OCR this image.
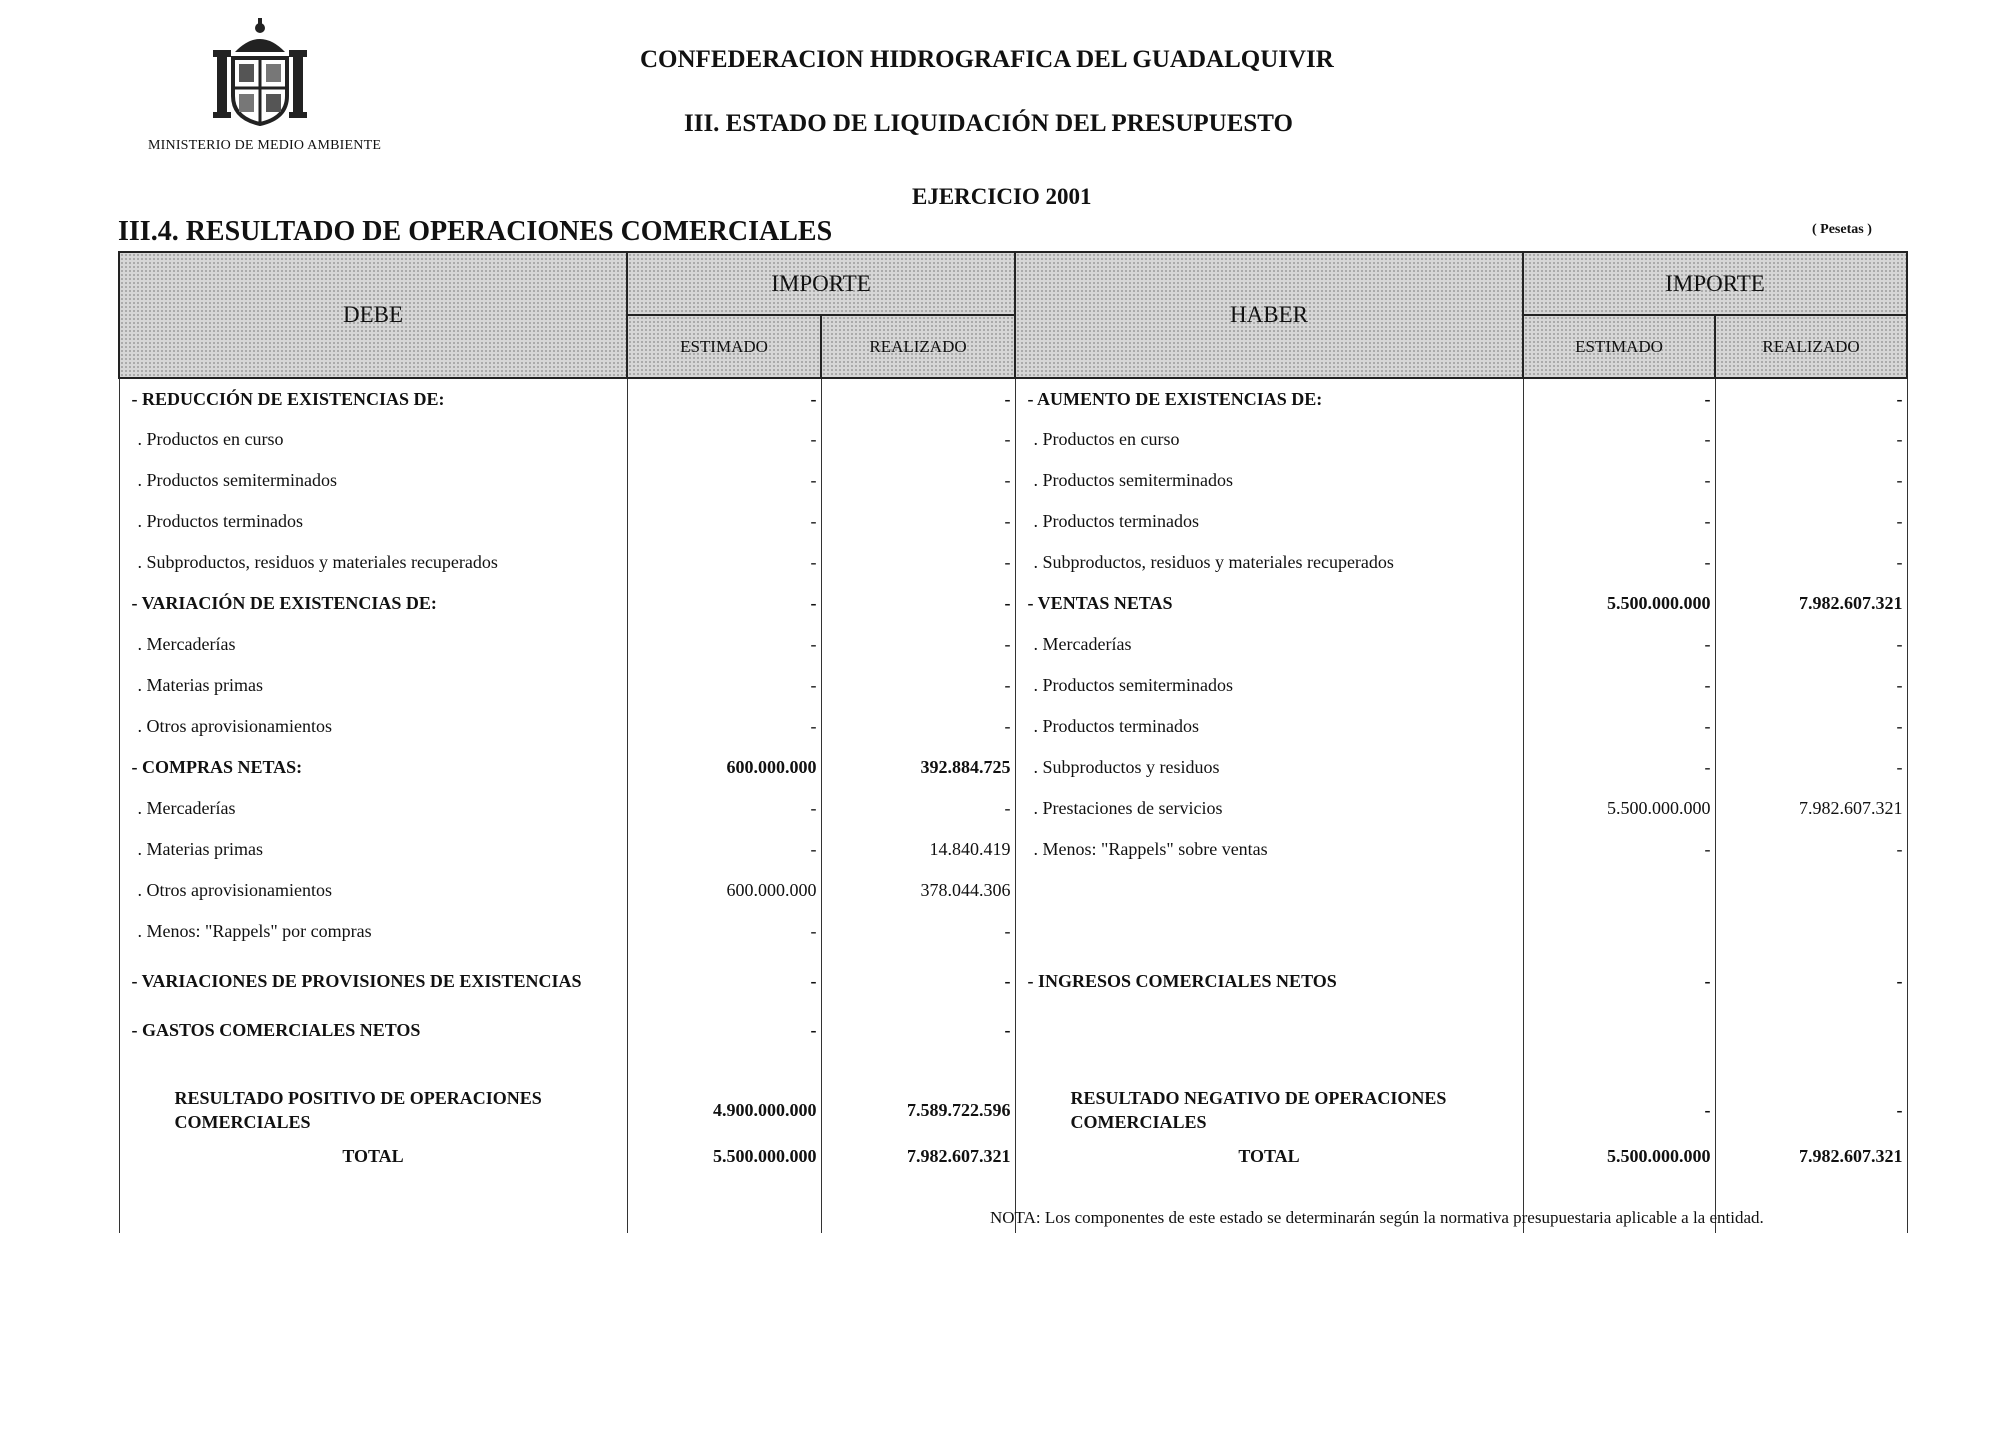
MINISTERIO DE MEDIO AMBIENTE
CONFEDERACION HIDROGRAFICA DEL GUADALQUIVIR
III. ESTADO DE LIQUIDACIÓN DEL PRESUPUESTO
EJERCICIO 2001
III.4. RESULTADO DE OPERACIONES COMERCIALES	( Pesetas )
DEBE	IMPORTE		HABER	IMPORTE	
	ESTIMADO	REALIZADO		ESTIMADO	REALIZADO
- REDUCCIÓN DE EXISTENCIAS DE:	-	-	- AUMENTO DE EXISTENCIAS DE:	-	-
. Productos en curso	-	-	. Productos en curso	-	-
. Productos semiterminados	-	-	. Productos semiterminados	-	-
. Productos terminados	-	-	. Productos terminados	-	-
. Subproductos, residuos y materiales recuperados	-	-	. Subproductos, residuos y materiales recuperados	-	-
- VARIACIÓN DE EXISTENCIAS DE:	-	-	- VENTAS NETAS	5.500.000.000	7.982.607.321
. Mercaderías	-	-	. Mercaderías	-	-
. Materias primas	-	-	. Productos semiterminados	-	-
. Otros aprovisionamientos	-	-	. Productos terminados	-	-
- COMPRAS NETAS:	600.000.000	392.884.725	. Subproductos y residuos	-	-
. Mercaderías	-	-	. Prestaciones de servicios	5.500.000.000	7.982.607.321
. Materias primas	-	14.840.419	. Menos: "Rappels" sobre ventas	-	-
. Otros aprovisionamientos	600.000.000	378.044.306			
. Menos: "Rappels" por compras	-	-			
- VARIACIONES DE PROVISIONES DE EXISTENCIAS	-	-	- INGRESOS COMERCIALES NETOS	-	-
- GASTOS COMERCIALES NETOS	-	-			

RESULTADO POSITIVO DE OPERACIONES COMERCIALES	4.900.000.000	7.589.722.596	RESULTADO NEGATIVO DE OPERACIONES COMERCIALES	-	-
TOTAL	5.500.000.000	7.982.607.321	TOTAL	5.500.000.000	7.982.607.321

NOTA: Los componentes de este estado se determinarán según la normativa presupuestaria aplicable a la entidad.
